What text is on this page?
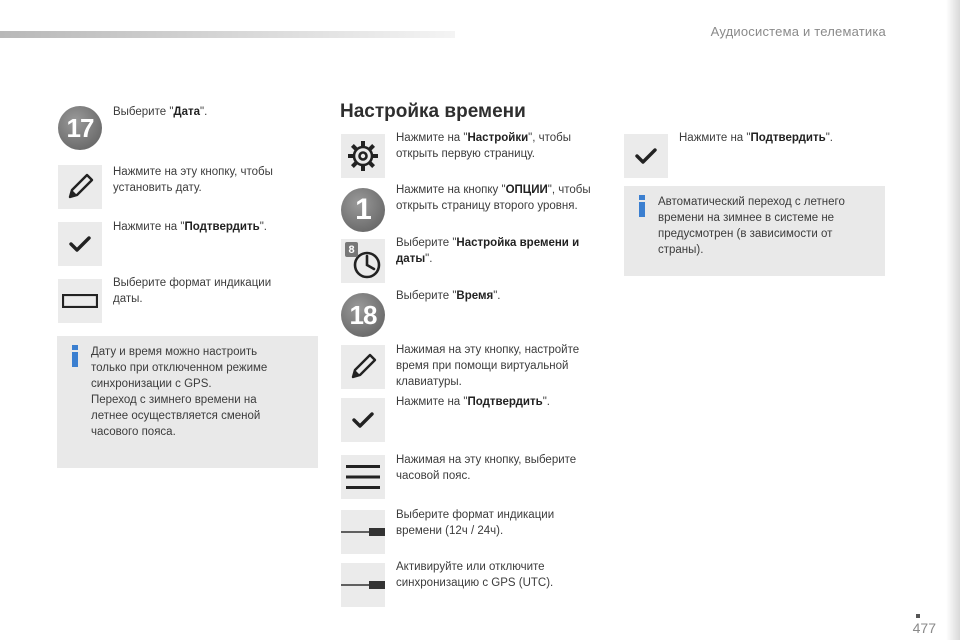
Аудиосистема и телематика
17
Выберите "Дата".
Нажмите на эту кнопку, чтобы установить дату.
Нажмите на "Подтвердить".
Выберите формат индикации даты.
Дату и время можно настроить
только при отключенном режиме
синхронизации с GPS.
Переход с зимнего времени на
летнее осуществляется сменой
часового пояса.
Настройка времени
Нажмите на "Настройки", чтобы открыть первую страницу.
1
Нажмите на кнопку "ОПЦИИ", чтобы открыть страницу второго уровня.
8
Выберите "Настройка времени и даты".
18
Выберите "Время".
Нажимая на эту кнопку, настройте время при помощи виртуальной клавиатуры.
Нажмите на "Подтвердить".
Нажимая на эту кнопку, выберите часовой пояс.
Выберите формат индикации времени (12ч / 24ч).
Активируйте или отключите синхронизацию с GPS (UTC).
Нажмите на "Подтвердить".
Автоматический переход с летнего
времени на зимнее в системе не
предусмотрен (в зависимости от
страны).
477
